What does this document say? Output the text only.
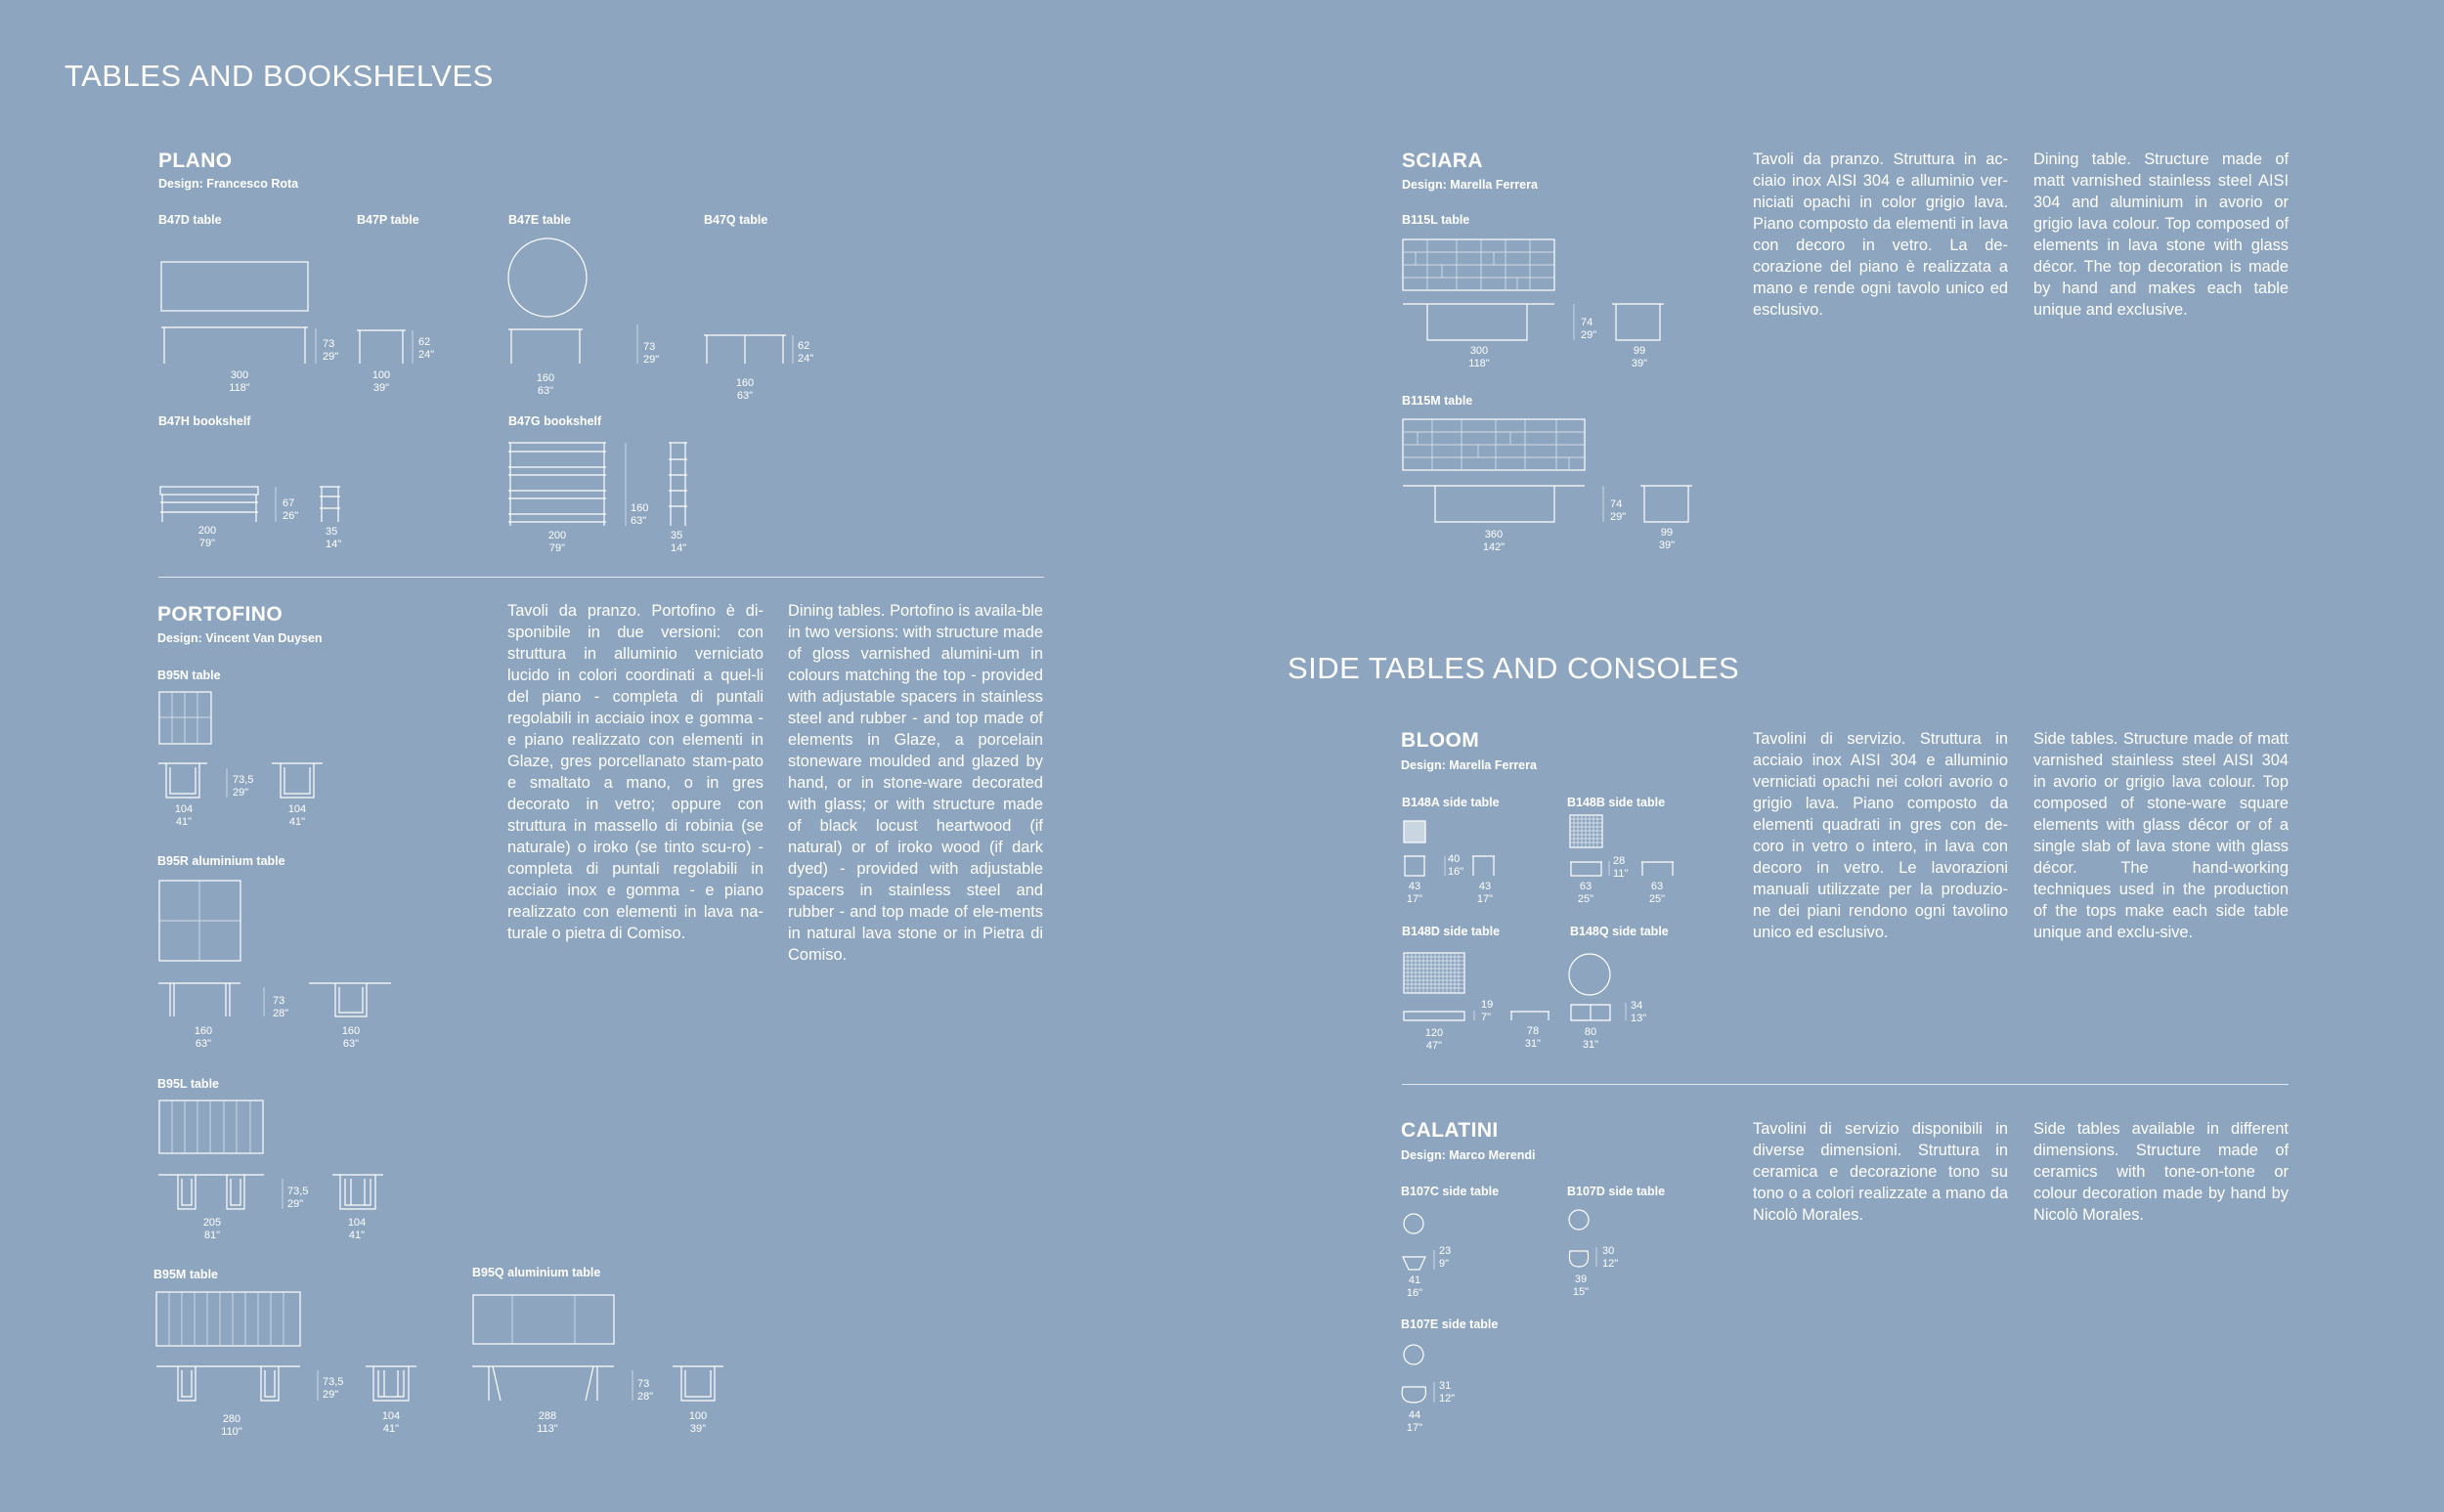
TABLES AND BOOKSHELVES
SIDE TABLES AND CONSOLES
PLANO
Design: Francesco Rota
B47D table	B47P table	B47E table	B47Q table
B47H bookshelf	B47G bookshelf
300
118"
73
29"
100
39"
62
24"
160
63"
73
29"
160
63"
62
24"
200
79"
67
26"
35
14"
200
79"
160
63"
35
14"
PORTOFINO
Design: Vincent Van Duysen
B95N table
B95R aluminium table
B95L table
B95M table	B95Q aluminium table
104
41"
73,5
29"
104
41"
160
63"
73
28"
160
63"
205
81"
73,5
29"
104
41"
280
110"
73,5
29"
104
41"
288
113"
73
28"
100
39"
Tavoli da pranzo. Portofino è di-sponibile in due versioni: con struttura in alluminio verniciato lucido in colori coordinati a quel-li del piano - completa di puntali regolabili in acciaio inox e gomma - e piano realizzato con elementi in Glaze, gres porcellanato stam-pato e smaltato a mano, o in gres decorato in vetro; oppure con struttura in massello di robinia (se naturale) o iroko (se tinto scu-ro) - completa di puntali regolabili in acciaio inox e gomma - e piano realizzato con elementi in lava na-turale o pietra di Comiso.
Dining tables. Portofino is availa-ble in two versions: with structure made of gloss varnished alumini-um in colours matching the top - provided with adjustable spacers in stainless steel and rubber - and top made of elements in Glaze, a porcelain stoneware moulded and glazed by hand, or in stone-ware decorated with glass; or with structure made of black locust heartwood (if natural) or of iroko wood (if dark dyed) - provided with adjustable spacers in stainless steel and rubber - and top made of ele-ments in natural lava stone or in Pietra di Comiso.
SCIARA
Design: Marella Ferrera
B115L table
B115M table
300
118"
74
29"
99
39"
360
142"
74
29"
99
39"
Tavoli da pranzo. Struttura in ac-ciaio inox AISI 304 e alluminio ver-niciati opachi in color grigio lava. Piano composto da elementi in lava con decoro in vetro. La de-corazione del piano è realizzata a mano e rende ogni tavolo unico ed esclusivo.
Dining table. Structure made of matt varnished stainless steel AISI 304 and aluminium in avorio or grigio lava colour. Top composed of elements in lava stone with glass décor. The top decoration is made by hand and makes each table unique and exclusive.
BLOOM
Design: Marella Ferrera
B148A side table	B148B side table
B148D side table	B148Q side table
43
17"
40
16"
43
17"
63
25"
28
11"
63
25"
120
47"
19
7"
78
31"
80
31"
34
13"
Tavolini di servizio. Struttura in acciaio inox AISI 304 e alluminio verniciati opachi nei colori avorio o grigio lava. Piano composto da elementi quadrati in gres con de-coro in vetro o intero, in lava con decoro in vetro. Le lavorazioni manuali utilizzate per la produzio-ne dei piani rendono ogni tavolino unico ed esclusivo.
Side tables. Structure made of matt varnished stainless steel AISI 304 in avorio or grigio lava colour. Top composed of stone-ware square elements with glass décor or of a single slab of lava stone with glass décor. The hand-working techniques used in the production of the tops make each side table unique and exclu-sive.
CALATINI
Design: Marco Merendi
B107C side table	B107D side table
B107E side table
41
16"
23
9"
39
15"
30
12"
44
17"
31
12"
Tavolini di servizio disponibili in diverse dimensioni. Struttura in ceramica e decorazione tono su tono o a colori realizzate a mano da Nicolò Morales.
Side tables available in different dimensions. Structure made of ceramics with tone-on-tone or colour decoration made by hand by Nicolò Morales.
